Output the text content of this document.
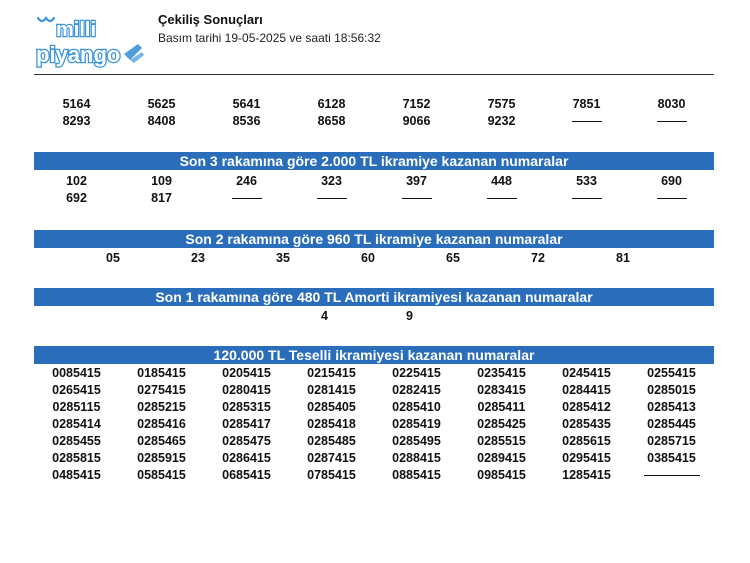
milli
piyango
Çekiliş Sonuçları
Basım tarihi 19-05-2025 ve saati 18:56:32
5164	5625	5641	6128	7152	7575	7851	8030
8293	8408	8536	8658	9066	9232
Son 3 rakamına göre 2.000 TL ikramiye kazanan numaralar
102	109	246	323	397	448	533	690
692	817
Son 2 rakamına göre 960 TL ikramiye kazanan numaralar
05	23	35	60	65	72	81
Son 1 rakamına göre 480 TL Amorti ikramiyesi kazanan numaralar
4	9
120.000 TL Teselli ikramiyesi kazanan numaralar
0085415	0185415	0205415	0215415	0225415	0235415	0245415	0255415
0265415	0275415	0280415	0281415	0282415	0283415	0284415	0285015
0285115	0285215	0285315	0285405	0285410	0285411	0285412	0285413
0285414	0285416	0285417	0285418	0285419	0285425	0285435	0285445
0285455	0285465	0285475	0285485	0285495	0285515	0285615	0285715
0285815	0285915	0286415	0287415	0288415	0289415	0295415	0385415
0485415	0585415	0685415	0785415	0885415	0985415	1285415
